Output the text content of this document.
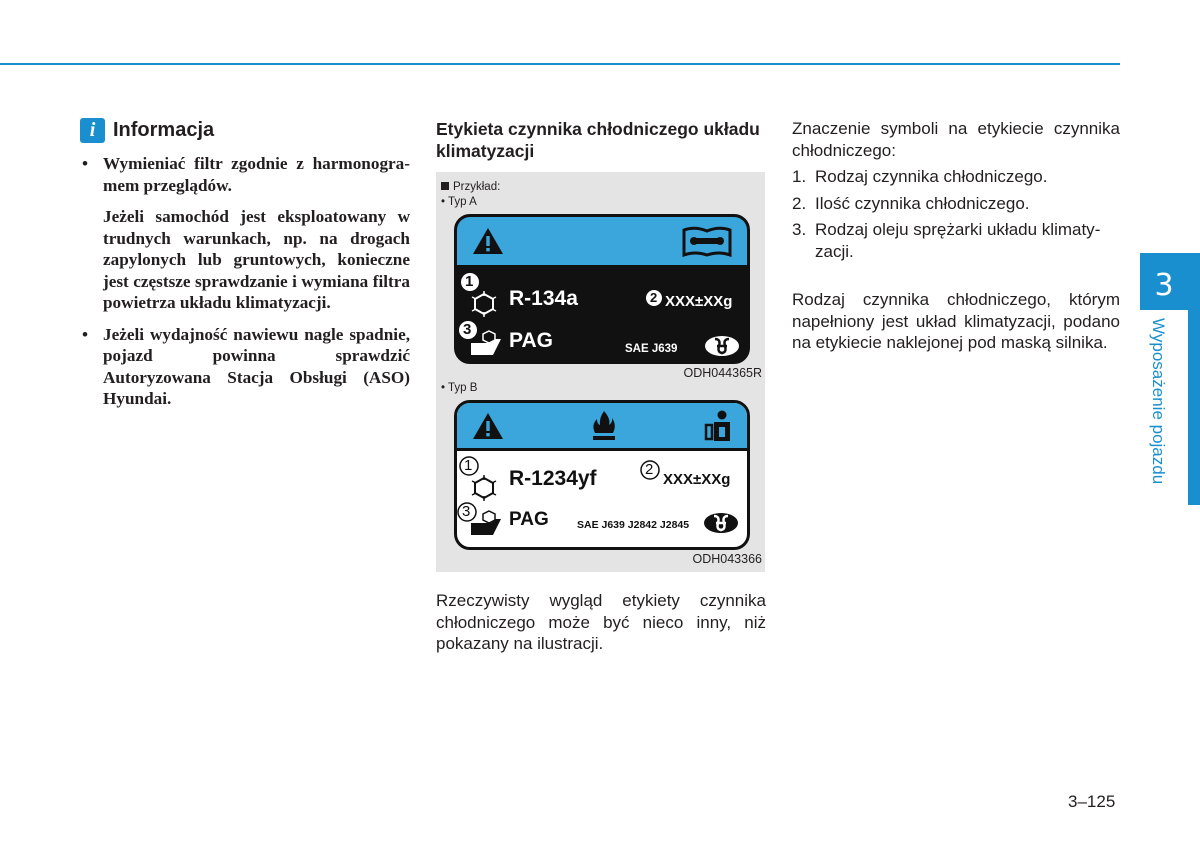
i Informacja
• Wymieniać filtr zgodnie z harmonogramem przeglądów.

Jeżeli samochód jest eksploatowany w trudnych warunkach, np. na drogach zapylonych lub gruntowych, konieczne jest częstsze sprawdzanie i wymiana filtra powietrza układu klimatyzacji.

• Jeżeli wydajność nawiewu nagle spadnie, pojazd powinna sprawdzić Autoryzowana Stacja Obsługi (ASO) Hyundai.

Etykieta czynnika chłodniczego układu klimatyzacji
Przykład:
• Typ A
1
R-134a	2 XXX±XXg
3 PAG	SAE J639
ODH044365R
• Typ B
1
R-1234yf	2
XXX±XXg
3 PAG	SAE J639 J2842 J2845
ODH043366

Rzeczywisty wygląd etykiety czynnika chłodniczego może być nieco inny, niż pokazany na ilustracji.

Znaczenie symboli na etykiecie czynnika chłodniczego:

1. Rodzaj czynnika chłodniczego.
2. Ilość czynnika chłodniczego.
3. Rodzaj oleju sprężarki układu klimatyzacji.

Rodzaj czynnika chłodniczego, którym napełniony jest układ klimatyzacji, podano na etykiecie naklejonej pod maską silnika.

3
Wyposażenie pojazdu
3–125
